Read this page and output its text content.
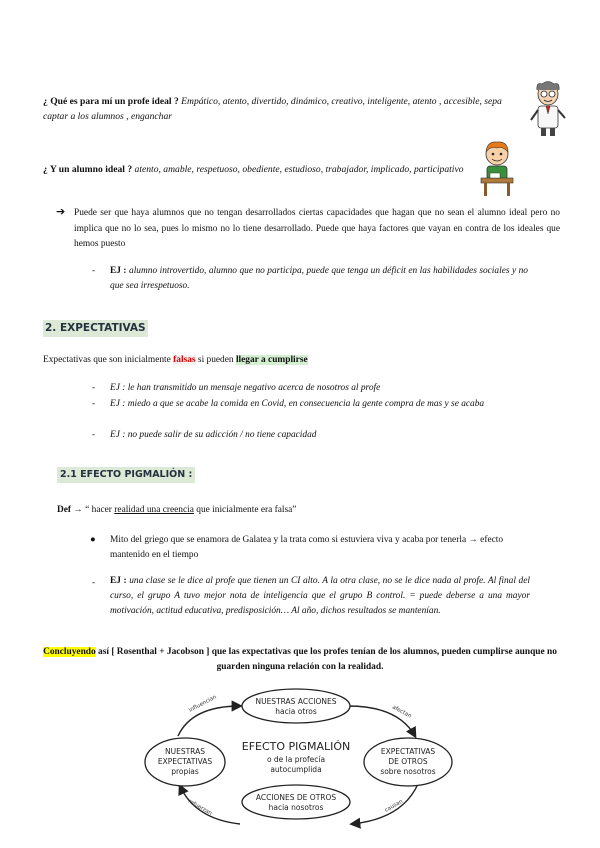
¿ Qué es para mí un profe ideal ? Empático, atento, divertido, dinámico, creativo, inteligente, atento , accesible, sepa captar a los alumnos , enganchar
¿ Y un alumno ideal ? atento, amable, respetuoso, obediente, estudioso, trabajador, implicado, participativo
➔ Puede ser que haya alumnos que no tengan desarrollados ciertas capacidades que hagan que no sean el alumno ideal pero no implica que no lo sea, pues lo mismo no lo tiene desarrollado. Puede que haya factores que vayan en contra de los ideales que hemos puesto
- EJ : alumno introvertido, alumno que no participa, puede que tenga un déficit en las habilidades sociales y no que sea irrespetuoso.
2. EXPECTATIVAS
Expectativas que son inicialmente falsas si pueden llegar a cumplirse
- EJ : le han transmitido un mensaje negativo acerca de nosotros al profe
- EJ : miedo a que se acabe la comida en Covid, en consecuencia la gente compra de mas y se acaba
- EJ : no puede salir de su adicción / no tiene capacidad
2.1 EFECTO PIGMALIÓN :
Def → “ hacer realidad una creencia que inicialmente era falsa”
● Mito del griego que se enamora de Galatea y la trata como si estuviera viva y acaba por tenerla → efecto mantenido en el tiempo
- EJ : una clase se le dice al profe que tienen un CI alto. A la otra clase, no se le dice nada al profe. Al final del curso, el grupo A tuvo mejor nota de inteligencia que el grupo B control. = puede deberse a una mayor motivación, actitud educativa, predisposición… Al año, dichos resultados se mantenían.
Concluyendo así [ Rosenthal + Jacobson ] que las expectativas que los profes tenían de los alumnos, pueden cumplirse aunque no guarden ninguna relación con la realidad.
NUESTRAS ACCIONES
hacia otros
NUESTRAS
EXPECTATIVAS
propias
EXPECTATIVAS
DE OTROS
sobre nosotros
ACCIONES DE OTROS
hacia nosotros
EFECTO PIGMALIÓN
o de la profecía
autocumplida
influencian	afectan
causan
refuerzan
